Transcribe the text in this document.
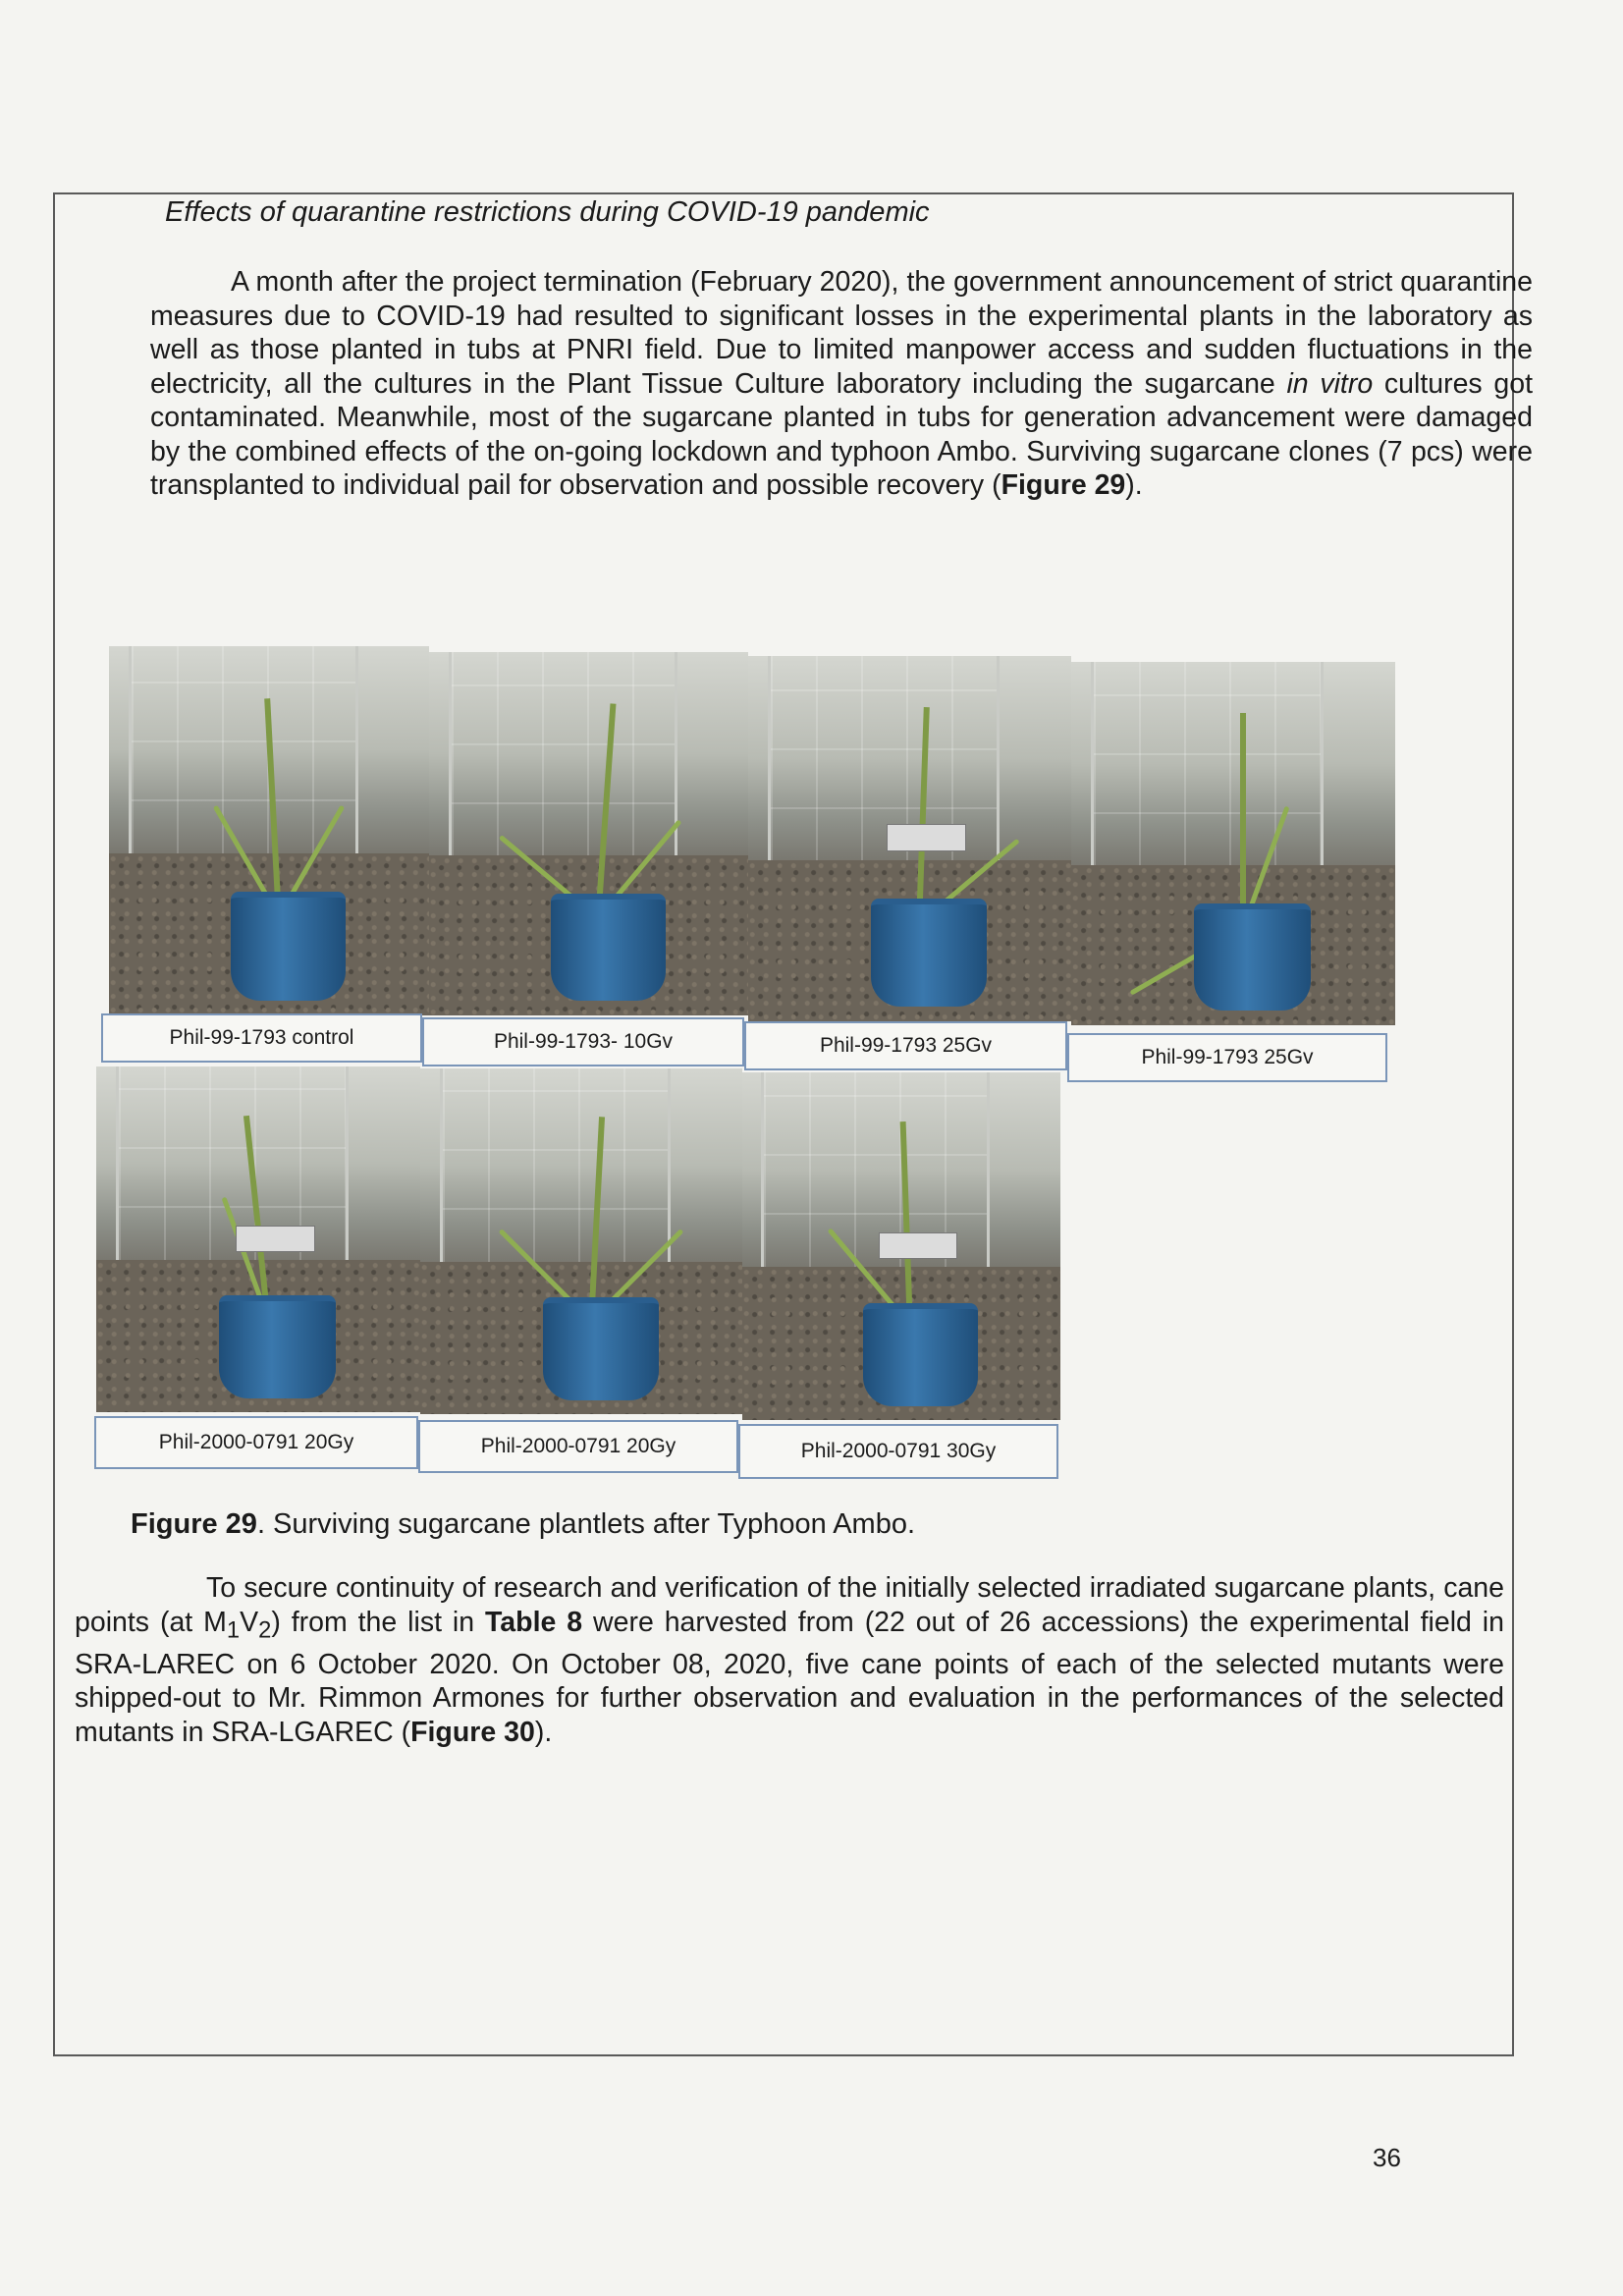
Effects of quarantine restrictions during COVID-19 pandemic
A month after the project termination (February 2020), the government announcement of strict quarantine measures due to COVID-19 had resulted to significant losses in the experimental plants in the laboratory as well as those planted in tubs at PNRI field. Due to limited manpower access and sudden fluctuations in the electricity, all the cultures in the Plant Tissue Culture laboratory including the sugarcane in vitro cultures got contaminated. Meanwhile, most of the sugarcane planted in tubs for generation advancement were damaged by the combined effects of the on-going lockdown and typhoon Ambo. Surviving sugarcane clones (7 pcs) were transplanted to individual pail for observation and possible recovery (Figure 29).
Phil-99-1793 control	Phil-99-1793- 10Gv	Phil-99-1793 25Gv
Phil-99-1793 25Gv
Phil-2000-0791 20Gy	Phil-2000-0791 20Gy	Phil-2000-0791 30Gy
Figure 29. Surviving sugarcane plantlets after Typhoon Ambo.
To secure continuity of research and verification of the initially selected irradiated sugarcane plants, cane points (at $M_1V_2$) from the list in Table 8 were harvested from (22 out of 26 accessions) the experimental field in SRA-LAREC on 6 October 2020. On October 08, 2020, five cane points of each of the selected mutants were shipped-out to Mr. Rimmon Armones for further observation and evaluation in the performances of the selected mutants in SRA-LGAREC (Figure 30).
36
